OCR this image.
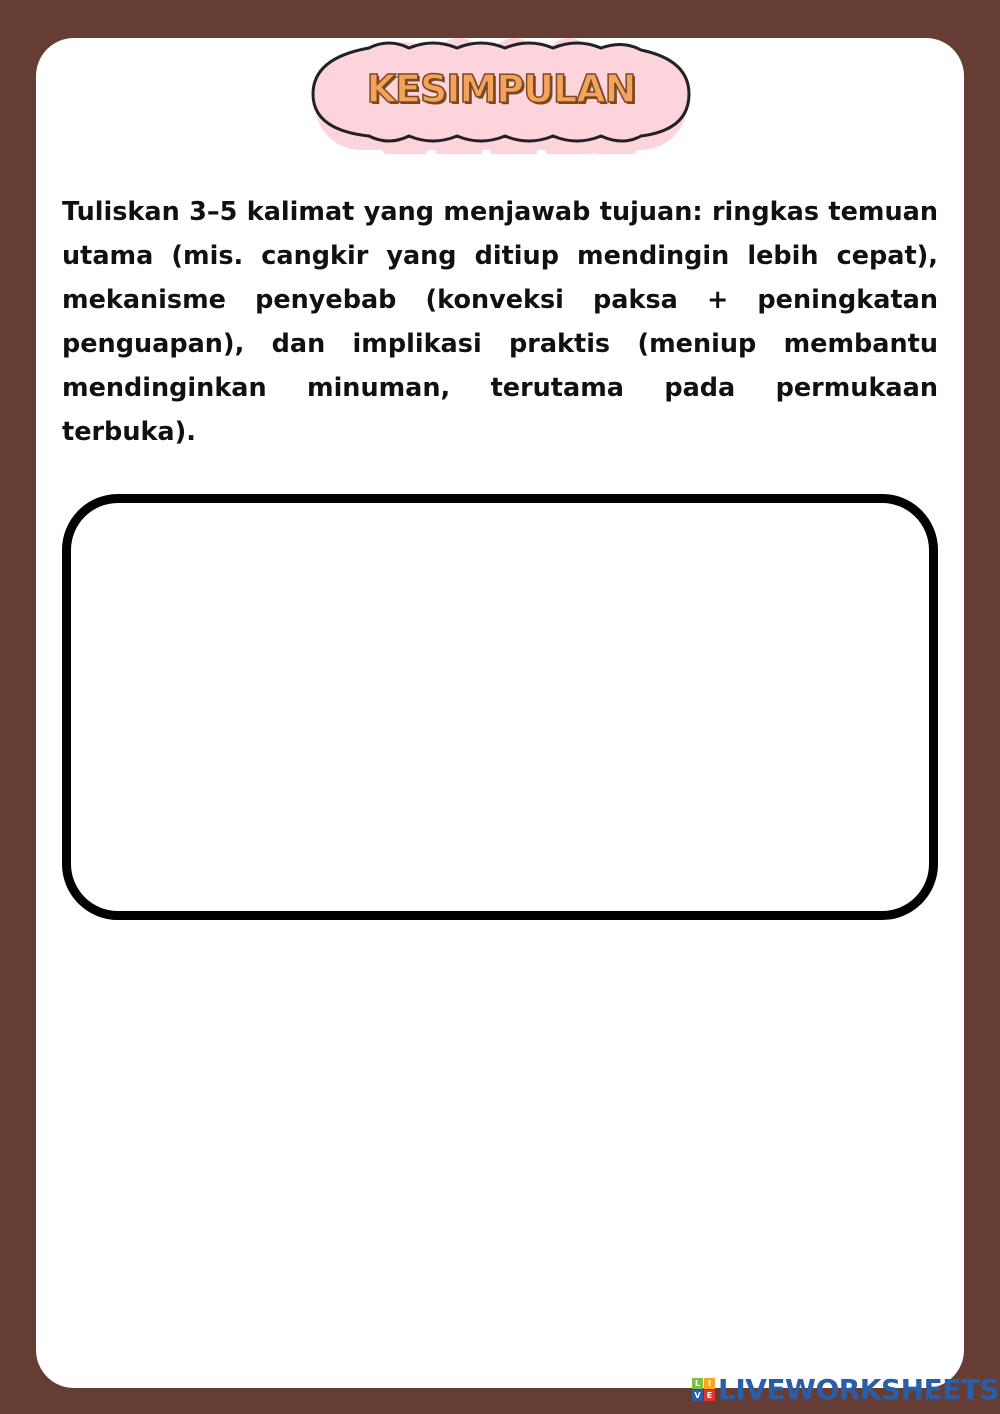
KESIMPULAN

Tuliskan 3–5 kalimat yang menjawab tujuan: ringkas temuan utama (mis. cangkir yang ditiup mendingin lebih cepat), mekanisme penyebab (konveksi paksa + peningkatan penguapan), dan implikasi praktis (meniup membantu mendinginkan minuman, terutama pada permukaan terbuka).

L I
V E LIVEWORKSHEETS
